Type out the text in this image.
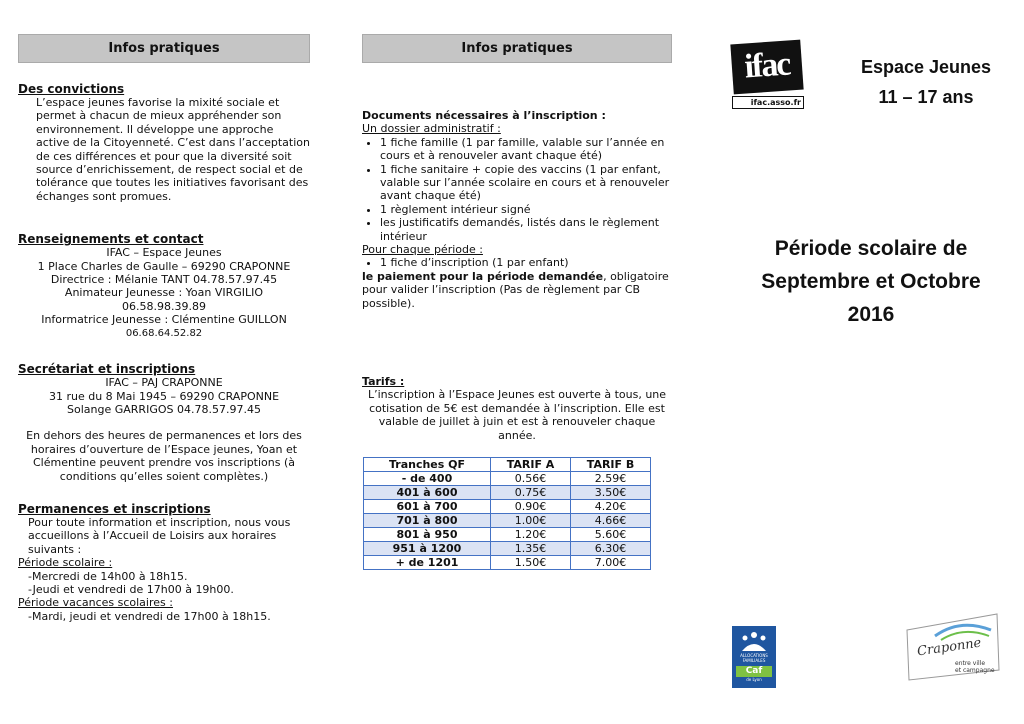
Infos pratiques
Des convictions
L’espace jeunes favorise la mixité sociale et permet à chacun de mieux appréhender son environnement. Il développe une approche active de la Citoyenneté. C’est dans l’acceptation de ces différences et pour que la diversité soit source d’enrichissement, de respect social et de tolérance que toutes les initiatives favorisant des échanges sont promues.
Renseignements et contact
IFAC – Espace Jeunes
1 Place Charles de Gaulle – 69290 CRAPONNE
Directrice : Mélanie TANT 04.78.57.97.45
Animateur Jeunesse : Yoan VIRGILIO
06.58.98.39.89
Informatrice Jeunesse : Clémentine GUILLON
06.68.64.52.82
Secrétariat et inscriptions
IFAC – PAJ CRAPONNE
31 rue du 8 Mai 1945 – 69290 CRAPONNE
Solange GARRIGOS 04.78.57.97.45
En dehors des heures de permanences et lors des horaires d’ouverture de l’Espace jeunes, Yoan et Clémentine peuvent prendre vos inscriptions (à conditions qu’elles soient complètes.)
Permanences et inscriptions
Pour toute information et inscription, nous vous accueillons à l’Accueil de Loisirs aux horaires suivants :
Période scolaire :
-Mercredi de 14h00 à 18h15.
-Jeudi et vendredi de 17h00 à 19h00.
Période vacances scolaires :
-Mardi, jeudi et vendredi de 17h00 à 18h15.
Infos pratiques
Documents nécessaires à l’inscription :
Un dossier administratif :
• 1 fiche famille (1 par famille, valable sur l’année en cours et à renouveler avant chaque été)
• 1 fiche sanitaire + copie des vaccins (1 par enfant, valable sur l’année scolaire en cours et à renouveler avant chaque été)
• 1 règlement intérieur signé
• les justificatifs demandés, listés dans le règlement intérieur
Pour chaque période :
• 1 fiche d’inscription (1 par enfant)
le paiement pour la période demandée, obligatoire pour valider l’inscription (Pas de règlement par CB possible).
Tarifs :
L’inscription à l’Espace Jeunes est ouverte à tous, une cotisation de 5€ est demandée à l’inscription. Elle est valable de juillet à juin et est à renouveler chaque année.
Tranches QF	TARIF A	TARIF B
- de 400	0.56€	2.59€
401 à 600	0.75€	3.50€
601 à 700	0.90€	4.20€
701 à 800	1.00€	4.66€
801 à 950	1.20€	5.60€
951 à 1200	1.35€	6.30€
+ de 1201	1.50€	7.00€
ifac
ifac.asso.fr
Espace Jeunes
11 – 17 ans
Période scolaire de
Septembre et Octobre
2016
ALLOCATIONS
FAMILIALES
Caf
de Lyon
Craponne
entre ville
et campagne
